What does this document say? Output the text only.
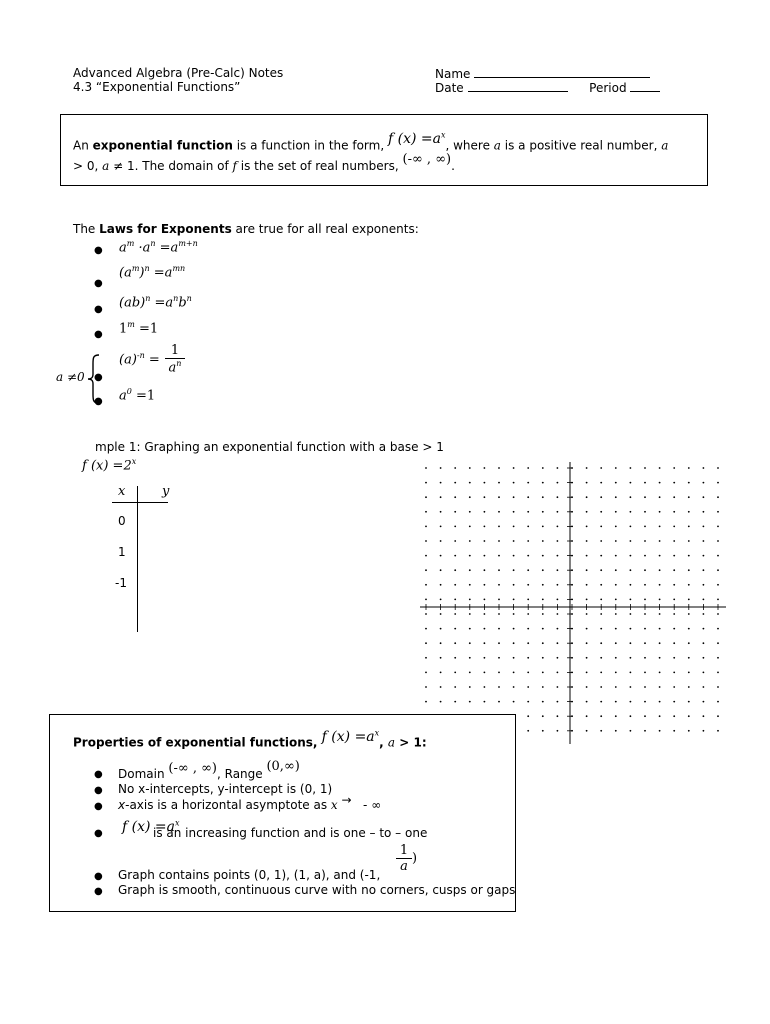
Advanced Algebra (Pre-Calc) Notes
4.3 “Exponential Functions”
Name
Date	Period
An exponential function is a function in the form, f $(x) =a^x$, where a is a positive real number, a
> 0, a ≠ 1. The domain of f is the set of real numbers, (-∞ , ∞).
The Laws for Exponents are true for all real exponents:
● $a^m \cdot a^n =a^{m+n}$
●
$(a^m)^n =a^{mn}$
● $(ab)^n =a^nb^n$
● $1^m =1$
a ≠0 ●
$(a)^{-n} = \frac{1}{a^n}$
● $a^0 =1$
mple 1: Graphing an exponential function with a base > 1
f $(x) =2^x$
x	y
0
1
-1
Properties of exponential functions, f $(x) =a^x$, a > 1:
● Domain (-∞ , ∞), Range (0,∞)
● No x-intercepts, y-intercept is (0, 1)
● x-axis is a horizontal asymptote as x → - ∞
● f $(x) =a^x$
is an increasing function and is one – to – one
1
a
)
● Graph contains points (0, 1), (1, a), and (-1,
● Graph is smooth, continuous curve with no corners, cusps or gaps
